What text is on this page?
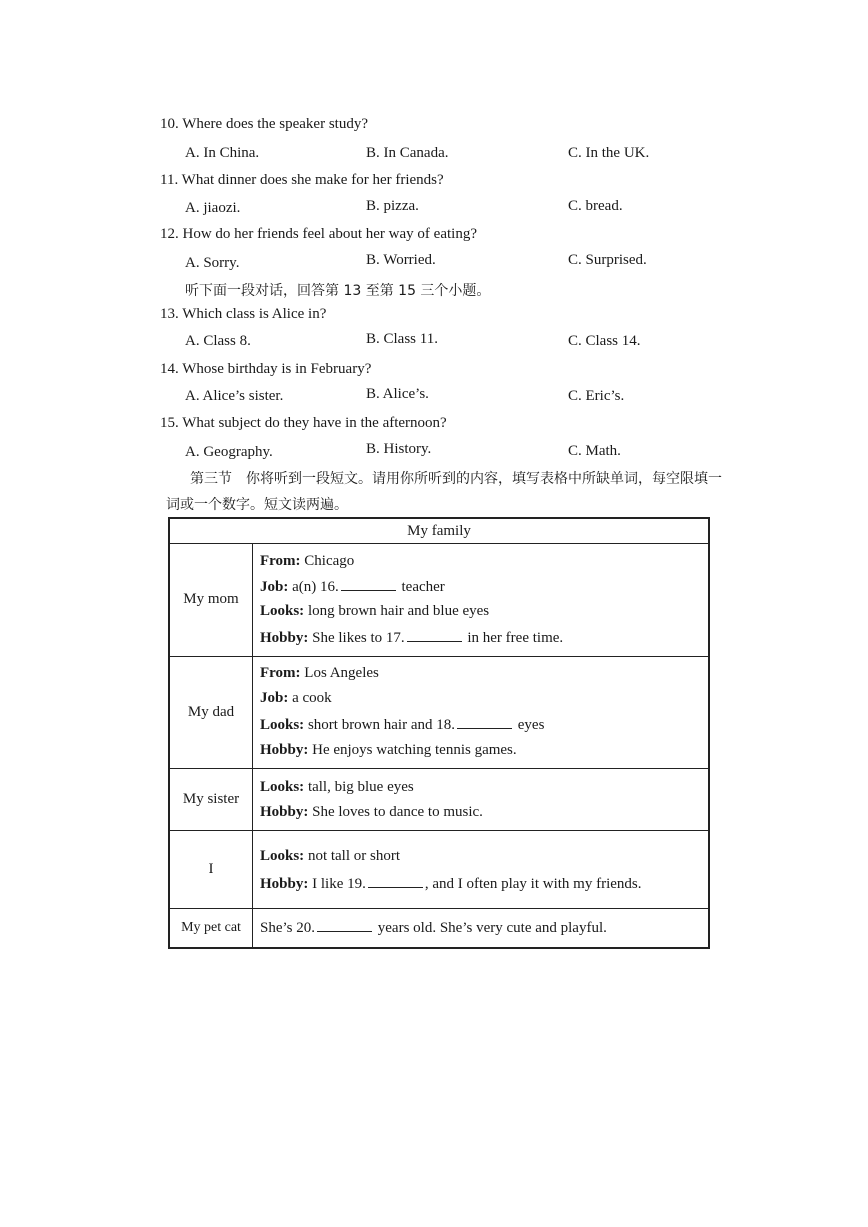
10. Where does the speaker study?
A. In China.	B. In Canada.	C. In the UK.
11. What dinner does she make for her friends?
A. jiaozi.	B. pizza.	C. bread.
12. How do her friends feel about her way of eating?
A. Sorry.	B. Worried.	C. Surprised.
听下面一段对话，回答第 13 至第 15 三个小题。
13. Which class is Alice in?
A. Class 8.	B. Class 11.	C. Class 14.
14. Whose birthday is in February?
A. Alice’s sister.	B. Alice’s.	C. Eric’s.
15. What subject do they have in the afternoon?
A. Geography.	B. History.	C. Math.
第三节　你将听到一段短文。请用你所听到的内容，填写表格中所缺单词，每空限填一
词或一个数字。短文读两遍。
My family
My mom
From: Chicago
Job: a(n) 16.	teacher
Looks: long brown hair and blue eyes
Hobby: She likes to 17.	in her free time.
My dad
From: Los Angeles
Job: a cook
Looks: short brown hair and 18.	eyes
Hobby: He enjoys watching tennis games.
My sister
Looks: tall, big blue eyes
Hobby: She loves to dance to music.
I
Looks: not tall or short
Hobby: I like 19.	, and I often play it with my friends.
My pet cat	She’s 20.	years old. She’s very cute and playful.
